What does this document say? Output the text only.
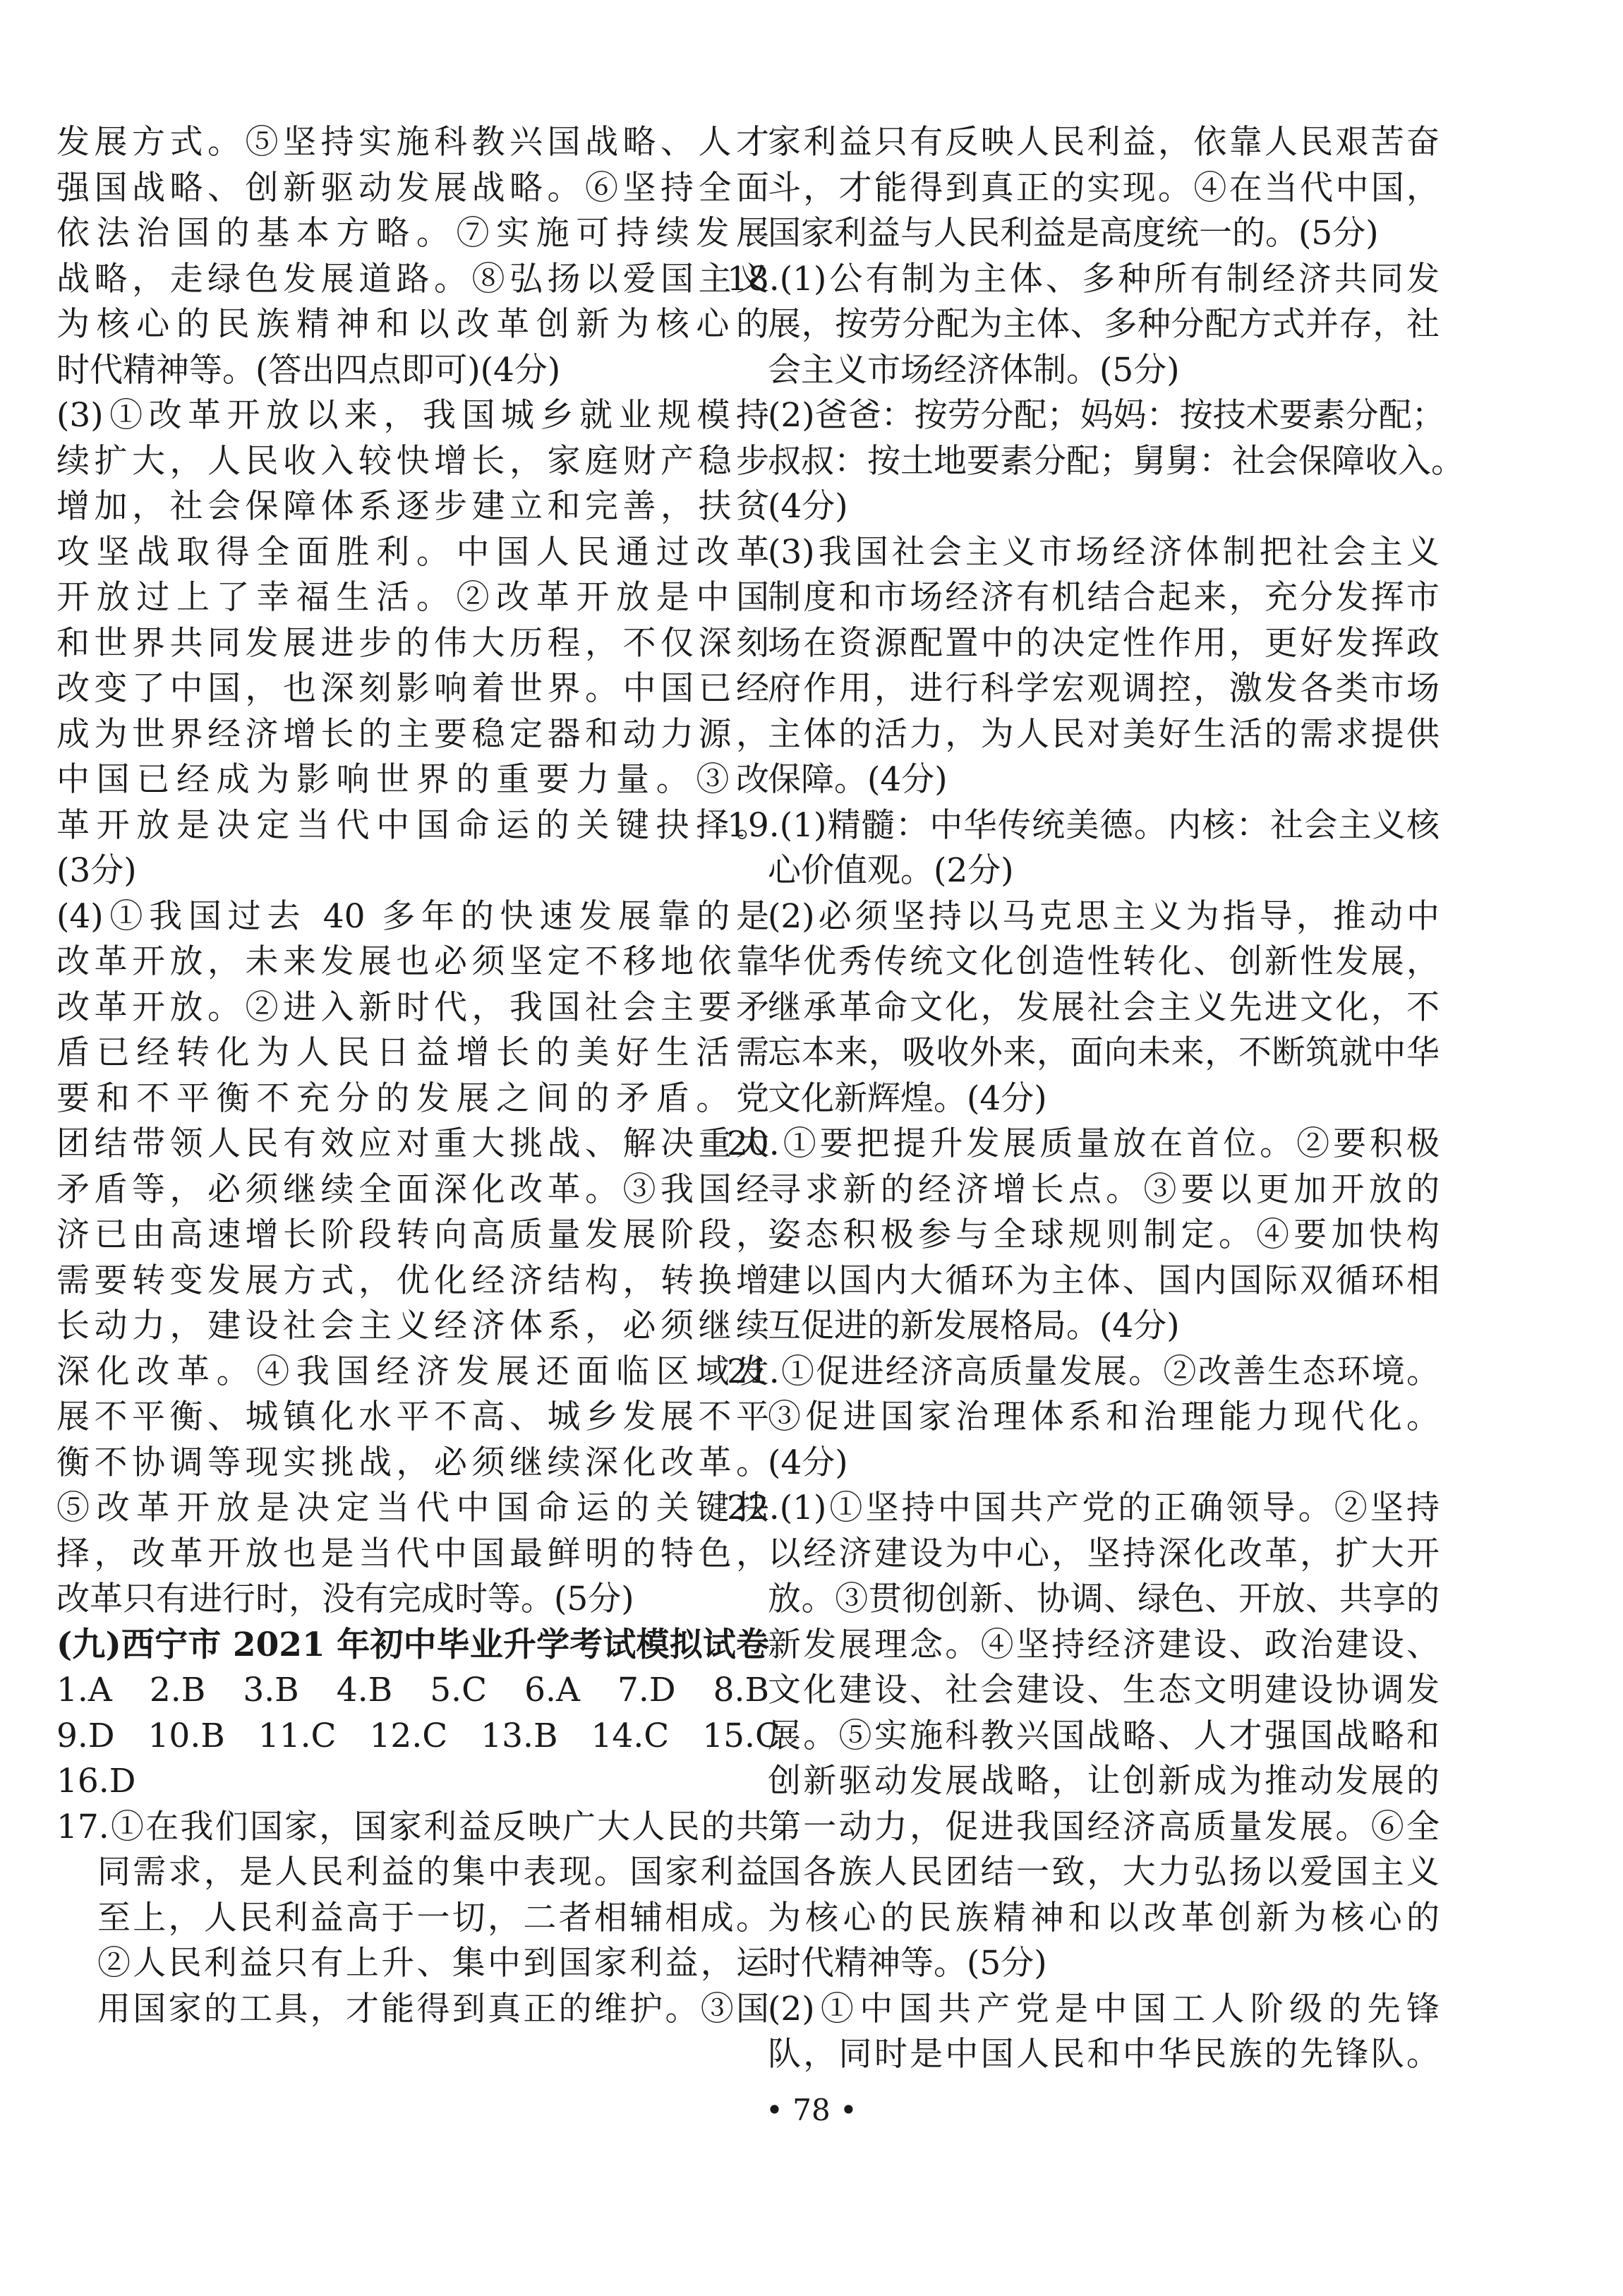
发展方式。⑤坚持实施科教兴国战略、人才

强国战略、创新驱动发展战略。⑥坚持全面

依法治国的基本方略。⑦实施可持续发展

战略，走绿色发展道路。⑧弘扬以爱国主义

为核心的民族精神和以改革创新为核心的

时代精神等。(答出四点即可)(4分)

(3)①改革开放以来，我国城乡就业规模持

续扩大，人民收入较快增长，家庭财产稳步

增加，社会保障体系逐步建立和完善，扶贫

攻坚战取得全面胜利。中国人民通过改革

开放过上了幸福生活。②改革开放是中国

和世界共同发展进步的伟大历程，不仅深刻

改变了中国，也深刻影响着世界。中国已经

成为世界经济增长的主要稳定器和动力源，

中国已经成为影响世界的重要力量。③改

革开放是决定当代中国命运的关键抉择。

(3分)

(4)①我国过去 40 多年的快速发展靠的是

改革开放，未来发展也必须坚定不移地依靠

改革开放。②进入新时代，我国社会主要矛

盾已经转化为人民日益增长的美好生活需

要和不平衡不充分的发展之间的矛盾。党

团结带领人民有效应对重大挑战、解决重大

矛盾等，必须继续全面深化改革。③我国经

济已由高速增长阶段转向高质量发展阶段，

需要转变发展方式，优化经济结构，转换增

长动力，建设社会主义经济体系，必须继续

深化改革。④我国经济发展还面临区域发

展不平衡、城镇化水平不高、城乡发展不平

衡不协调等现实挑战，必须继续深化改革。

⑤改革开放是决定当代中国命运的关键抉

择，改革开放也是当代中国最鲜明的特色，

改革只有进行时，没有完成时等。(5分)

(九)西宁市 2021 年初中毕业升学考试模拟试卷

1.A　2.B　3.B　4.B　5.C　6.A　7.D　8.B

9.D　10.B　11.C　12.C　13.B　14.C　15.C

16.D

17.①在我们国家，国家利益反映广大人民的共

同需求，是人民利益的集中表现。国家利益

至上，人民利益高于一切，二者相辅相成。

②人民利益只有上升、集中到国家利益，运

用国家的工具，才能得到真正的维护。③国

家利益只有反映人民利益，依靠人民艰苦奋

斗，才能得到真正的实现。④在当代中国，

国家利益与人民利益是高度统一的。(5分)

18.(1)公有制为主体、多种所有制经济共同发

展，按劳分配为主体、多种分配方式并存，社

会主义市场经济体制。(5分)

(2)爸爸：按劳分配；妈妈：按技术要素分配；

叔叔：按土地要素分配；舅舅：社会保障收入。

(4分)

(3)我国社会主义市场经济体制把社会主义

制度和市场经济有机结合起来，充分发挥市

场在资源配置中的决定性作用，更好发挥政

府作用，进行科学宏观调控，激发各类市场

主体的活力，为人民对美好生活的需求提供

保障。(4分)

19.(1)精髓：中华传统美德。内核：社会主义核

心价值观。(2分)

(2)必须坚持以马克思主义为指导，推动中

华优秀传统文化创造性转化、创新性发展，

继承革命文化，发展社会主义先进文化，不

忘本来，吸收外来，面向未来，不断筑就中华

文化新辉煌。(4分)

20.①要把提升发展质量放在首位。②要积极

寻求新的经济增长点。③要以更加开放的

姿态积极参与全球规则制定。④要加快构

建以国内大循环为主体、国内国际双循环相

互促进的新发展格局。(4分)

21.①促进经济高质量发展。②改善生态环境。

③促进国家治理体系和治理能力现代化。

(4分)

22.(1)①坚持中国共产党的正确领导。②坚持

以经济建设为中心，坚持深化改革，扩大开

放。③贯彻创新、协调、绿色、开放、共享的

新发展理念。④坚持经济建设、政治建设、

文化建设、社会建设、生态文明建设协调发

展。⑤实施科教兴国战略、人才强国战略和

创新驱动发展战略，让创新成为推动发展的

第一动力，促进我国经济高质量发展。⑥全

国各族人民团结一致，大力弘扬以爱国主义

为核心的民族精神和以改革创新为核心的

时代精神等。(5分)

(2)①中国共产党是中国工人阶级的先锋

队，同时是中国人民和中华民族的先锋队。

• 78 •
